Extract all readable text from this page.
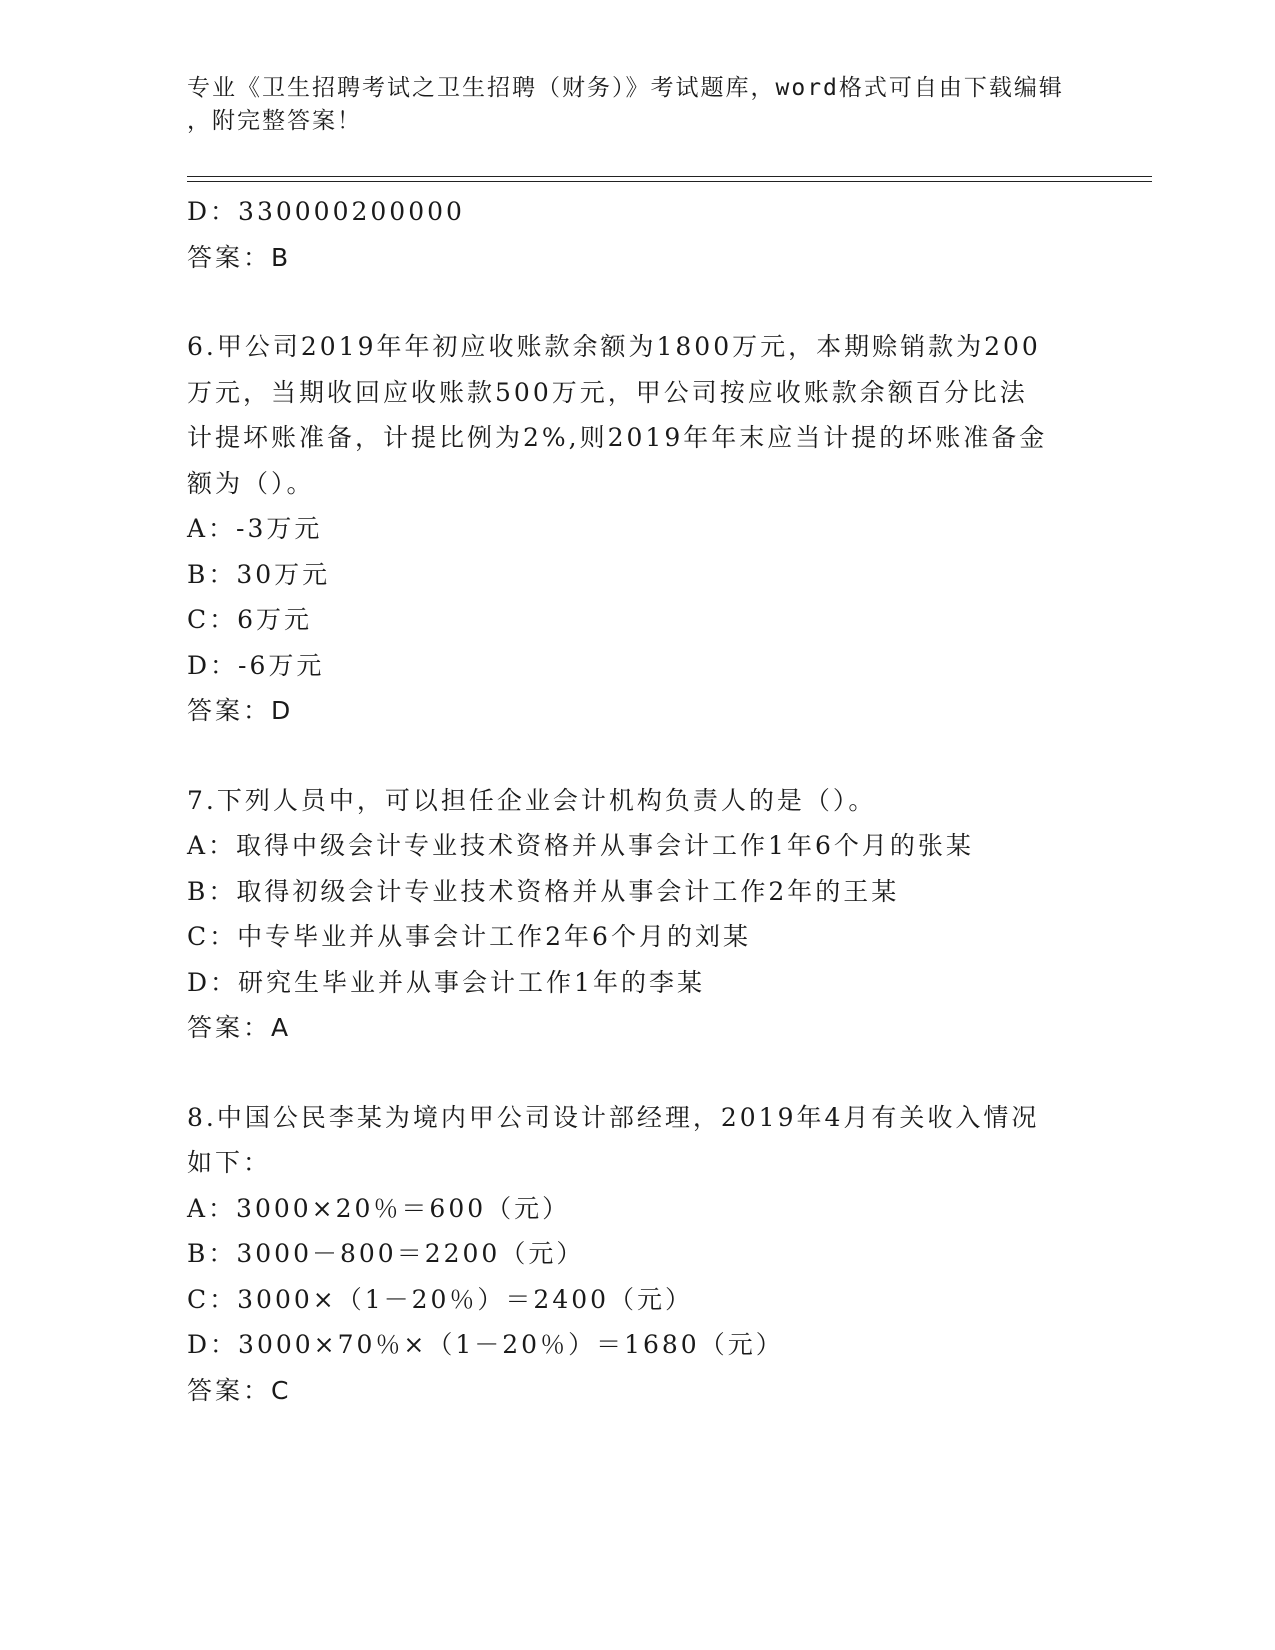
专业《卫生招聘考试之卫生招聘（财务）》考试题库，word格式可自由下载编辑
，附完整答案！
D：330000200000
答案：B
6.甲公司2019年年初应收账款余额为1800万元，本期赊销款为200
万元，当期收回应收账款500万元，甲公司按应收账款余额百分比法
计提坏账准备，计提比例为2%,则2019年年末应当计提的坏账准备金
额为（）。
A：-3万元
B：30万元
C：6万元
D：-6万元
答案：D
7.下列人员中，可以担任企业会计机构负责人的是（）。
A：取得中级会计专业技术资格并从事会计工作1年6个月的张某
B：取得初级会计专业技术资格并从事会计工作2年的王某
C：中专毕业并从事会计工作2年6个月的刘某
D：研究生毕业并从事会计工作1年的李某
答案：A
8.中国公民李某为境内甲公司设计部经理，2019年4月有关收入情况
如下：
A：3000×20％＝600（元）
B：3000－800＝2200（元）
C：3000×（1－20％）＝2400（元）
D：3000×70％×（1－20％）＝1680（元）
答案：C
